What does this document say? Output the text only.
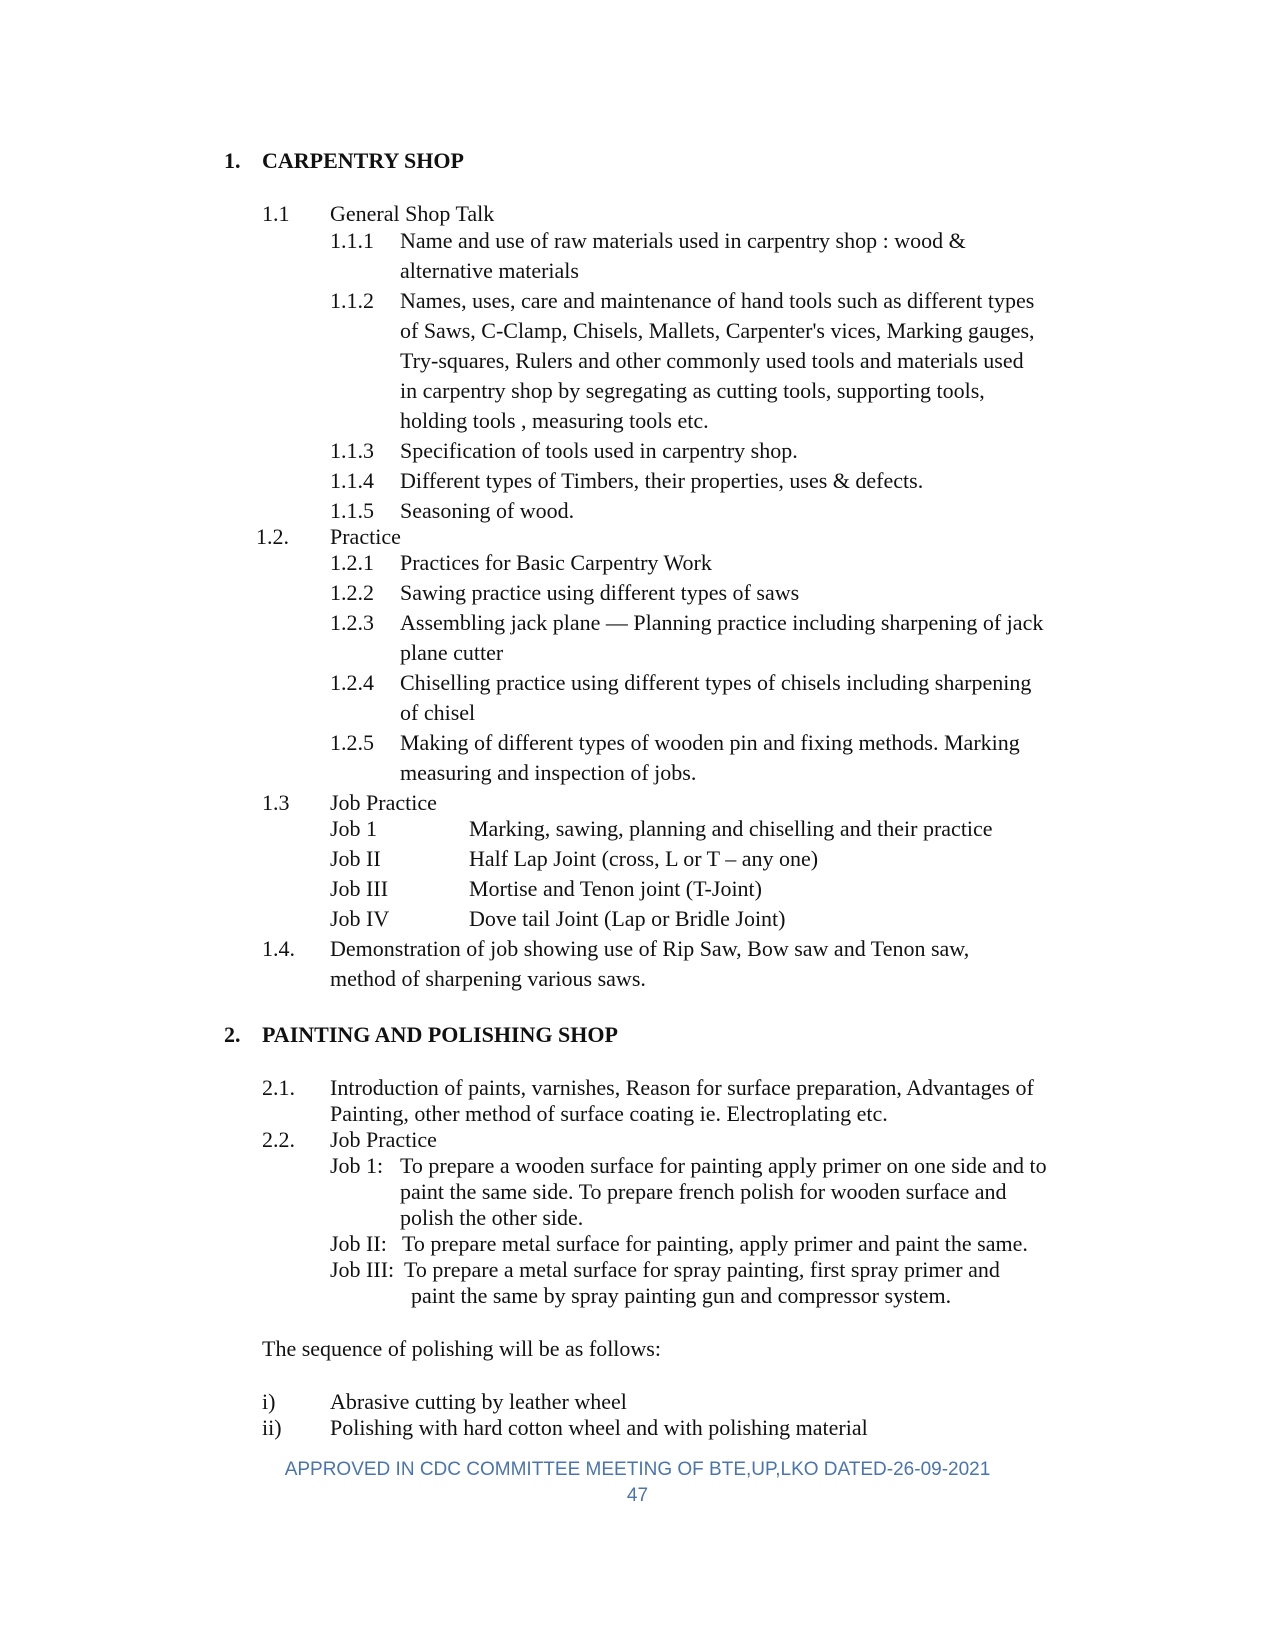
1. CARPENTRY SHOP
1.1 General Shop Talk
1.1.1 Name and use of raw materials used in carpentry shop : wood &
alternative materials
1.1.2 Names, uses, care and maintenance of hand tools such as different types
of Saws, C-Clamp, Chisels, Mallets, Carpenter's vices, Marking gauges,
Try-squares, Rulers and other commonly used tools and materials used
in carpentry shop by segregating as cutting tools, supporting tools,
holding tools , measuring tools etc.
1.1.3 Specification of tools used in carpentry shop.
1.1.4 Different types of Timbers, their properties, uses & defects.
1.1.5 Seasoning of wood.
1.2. Practice
1.2.1 Practices for Basic Carpentry Work
1.2.2 Sawing practice using different types of saws
1.2.3 Assembling jack plane — Planning practice including sharpening of jack
plane cutter
1.2.4 Chiselling practice using different types of chisels including sharpening
of chisel
1.2.5 Making of different types of wooden pin and fixing methods. Marking
measuring and inspection of jobs.
1.3 Job Practice
Job 1	Marking, sawing, planning and chiselling and their practice
Job II	Half Lap Joint (cross, L or T – any one)
Job III	Mortise and Tenon joint (T-Joint)
Job IV	Dove tail Joint (Lap or Bridle Joint)
1.4. Demonstration of job showing use of Rip Saw, Bow saw and Tenon saw,
method of sharpening various saws.
2. PAINTING AND POLISHING SHOP
2.1. Introduction of paints, varnishes, Reason for surface preparation, Advantages of
Painting, other method of surface coating ie. Electroplating etc.
2.2. Job Practice
Job 1: To prepare a wooden surface for painting apply primer on one side and to
paint the same side. To prepare french polish for wooden surface and
polish the other side.
Job II: To prepare metal surface for painting, apply primer and paint the same.
Job III: To prepare a metal surface for spray painting, first spray primer and
paint the same by spray painting gun and compressor system.
The sequence of polishing will be as follows:
i) Abrasive cutting by leather wheel
ii) Polishing with hard cotton wheel and with polishing material
APPROVED IN CDC COMMITTEE MEETING OF BTE,UP,LKO DATED-26-09-2021
47
